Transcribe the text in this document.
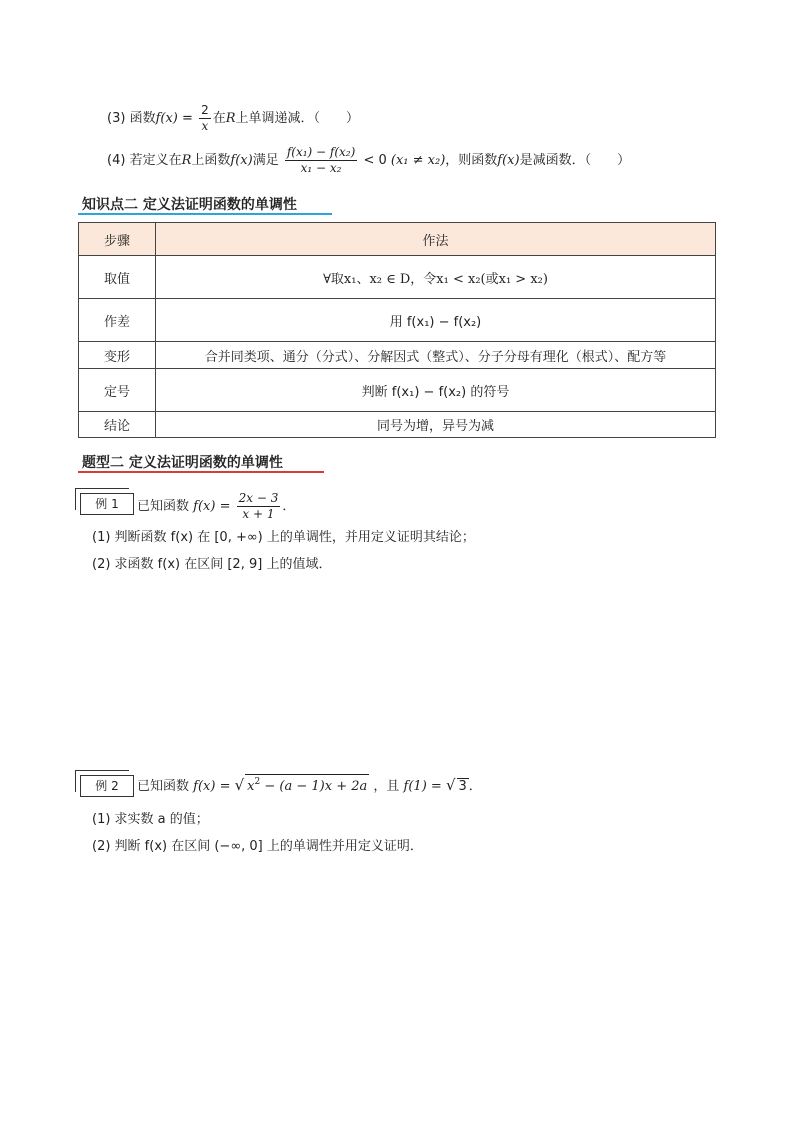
(3) 函数$f(x) = \frac{2}{x}$ 在R上单调递减．（　　）
(4) 若定义在R上函数f(x)满足 $\frac{\text{f(x₁) − f(x₂)}}{\text{x₁ − x₂}} < 0$ (x₁ ≠ x₂)，则函数f(x)是减函数．（　　）
知识点二 定义法证明函数的单调性
步骤	作法
取值	∀取x₁、x₂ ∈ D，令x₁ < x₂(或x₁ > x₂)
作差	用 f(x₁) − f(x₂)
变形	合并同类项、通分（分式）、分解因式（整式）、分子分母有理化（根式）、配方等
定号	判断 f(x₁) − f(x₂) 的符号
结论	同号为增，异号为减
题型二 定义法证明函数的单调性
例 1	已知函数 $f(x) = \frac{2x - 3}{x + 1}$ ．
(1) 判断函数 f(x) 在 [0, +∞) 上的单调性，并用定义证明其结论；
(2) 求函数 f(x) 在区间 [2, 9] 上的值域．
例 2	已知函数 f(x) = √ $x^2 - (a - 1)x + 2a$ ，且 f(1) = √ 3 ．
(1) 求实数 a 的值；
(2) 判断 f(x) 在区间 (−∞, 0] 上的单调性并用定义证明．
